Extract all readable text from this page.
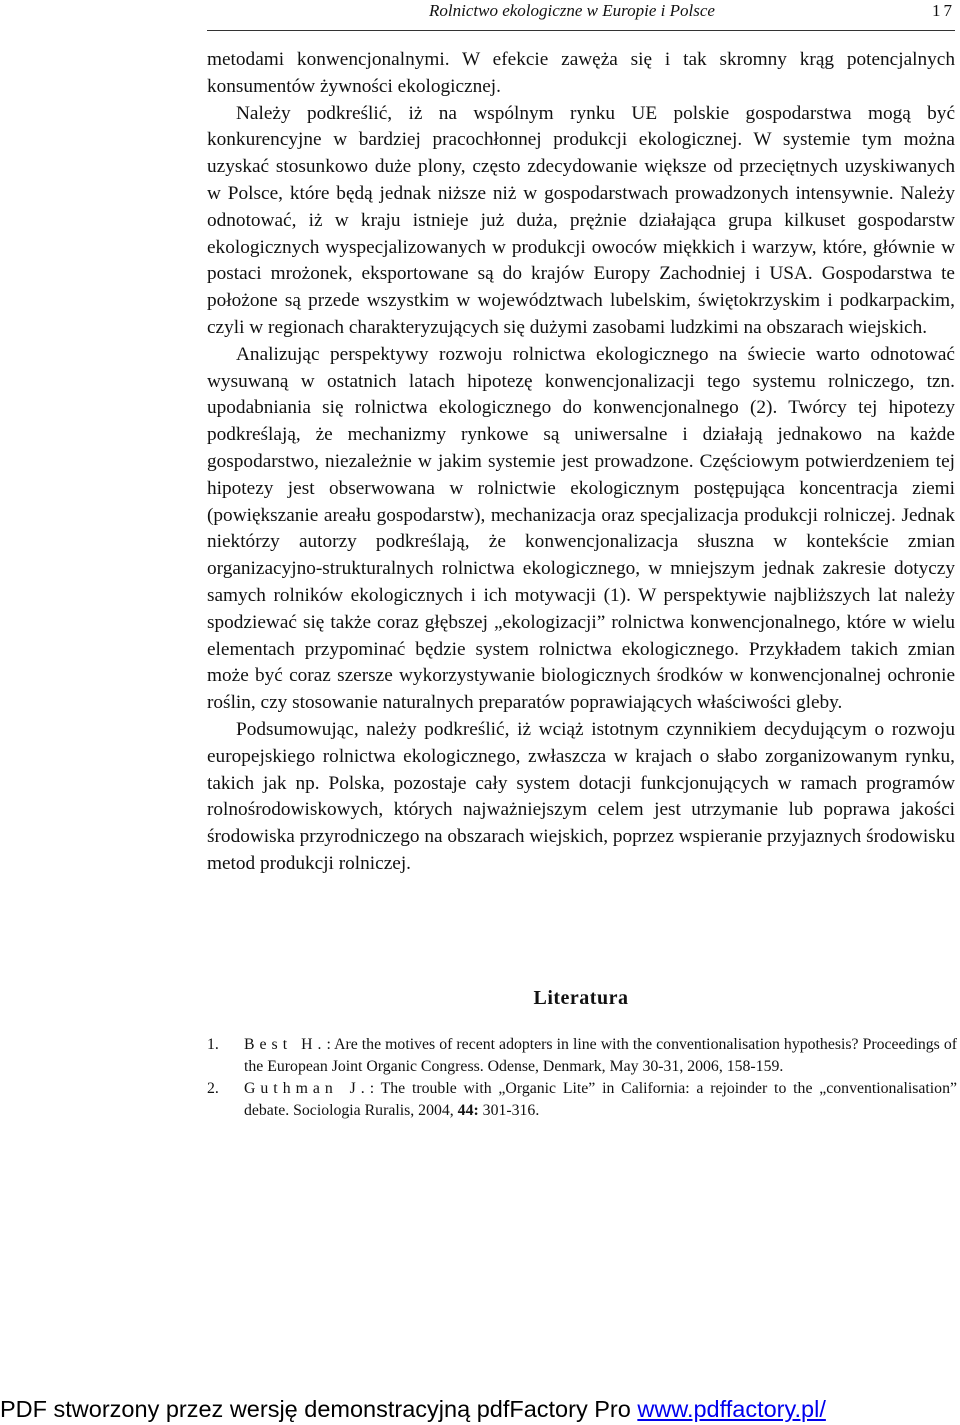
Rolnictwo ekologiczne w Europie i Polsce	17

metodami konwencjonalnymi. W efekcie zawęża się i tak skromny krąg potencjalnych konsumentów żywności ekologicznej.

Należy podkreślić, iż na wspólnym rynku UE polskie gospodarstwa mogą być konkurencyjne w bardziej pracochłonnej produkcji ekologicznej. W systemie tym można uzyskać stosunkowo duże plony, często zdecydowanie większe od przeciętnych uzyskiwanych w Polsce, które będą jednak niższe niż w gospodarstwach prowadzonych intensywnie. Należy odnotować, iż w kraju istnieje już duża, prężnie działająca grupa kilkuset gospodarstw ekologicznych wyspecjalizowanych w produkcji owoców miękkich i warzyw, które, głównie w postaci mrożonek, eksportowane są do krajów Europy Zachodniej i USA. Gospodarstwa te położone są przede wszystkim w województwach lubelskim, świętokrzyskim i podkarpackim, czyli w regionach charakteryzujących się dużymi zasobami ludzkimi na obszarach wiejskich.

Analizując perspektywy rozwoju rolnictwa ekologicznego na świecie warto odnotować wysuwaną w ostatnich latach hipotezę konwencjonalizacji tego systemu rolniczego, tzn. upodabniania się rolnictwa ekologicznego do konwencjonalnego (2). Twórcy tej hipotezy podkreślają, że mechanizmy rynkowe są uniwersalne i działają jednakowo na każde gospodarstwo, niezależnie w jakim systemie jest prowadzone. Częściowym potwierdzeniem tej hipotezy jest obserwowana w rolnictwie ekologicznym postępująca koncentracja ziemi (powiększanie areału gospodarstw), mechanizacja oraz specjalizacja produkcji rolniczej. Jednak niektórzy autorzy podkreślają, że konwencjonalizacja słuszna w kontekście zmian organizacyjno-strukturalnych rolnictwa ekologicznego, w mniejszym jednak zakresie dotyczy samych rolników ekologicznych i ich motywacji (1). W perspektywie najbliższych lat należy spodziewać się także coraz głębszej „ekologizacji” rolnictwa konwencjonalnego, które w wielu elementach przypominać będzie system rolnictwa ekologicznego. Przykładem takich zmian może być coraz szersze wykorzystywanie biologicznych środków w konwencjonalnej ochronie roślin, czy stosowanie naturalnych preparatów poprawiających właściwości gleby.

Podsumowując, należy podkreślić, iż wciąż istotnym czynnikiem decydującym o rozwoju europejskiego rolnictwa ekologicznego, zwłaszcza w krajach o słabo zorganizowanym rynku, takich jak np. Polska, pozostaje cały system dotacji funkcjonujących w ramach programów rolnośrodowiskowych, których najważniejszym celem jest utrzymanie lub poprawa jakości środowiska przyrodniczego na obszarach wiejskich, poprzez wspieranie przyjaznych środowisku metod produkcji rolniczej.

Literatura
1. Best H.: Are the motives of recent adopters in line with the conventionalisation hypothesis? Proceedings of the European Joint Organic Congress. Odense, Denmark, May 30-31, 2006, 158-159.
2. Guthman J.: The trouble with „Organic Lite” in California: a rejoinder to the „conventionalisation” debate. Sociologia Ruralis, 2004, 44: 301-316.
PDF stworzony przez wersję demonstracyjną pdfFactory Pro www.pdffactory.pl/
